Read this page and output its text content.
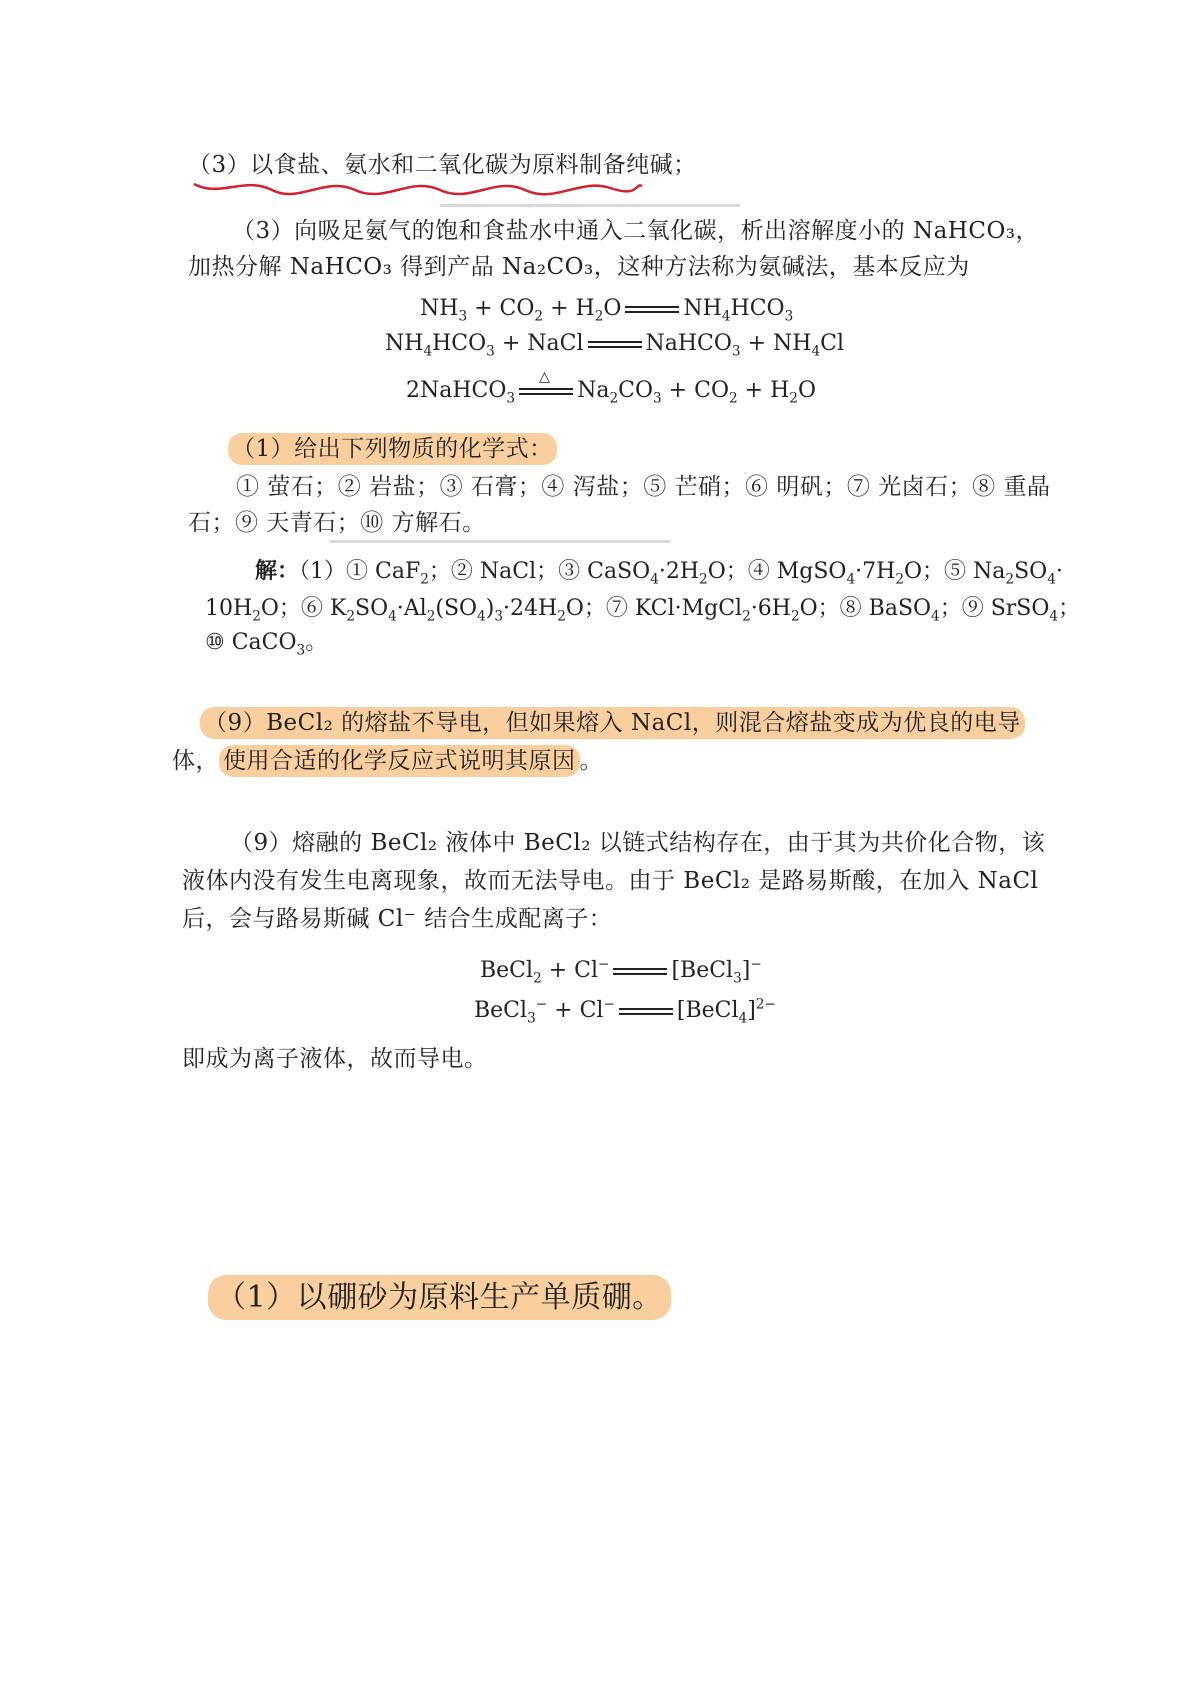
（3）以食盐、氨水和二氧化碳为原料制备纯碱；
（3）向吸足氨气的饱和食盐水中通入二氧化碳，析出溶解度小的 NaHCO₃，
加热分解 NaHCO₃ 得到产品 Na₂CO₃，这种方法称为氨碱法，基本反应为
$NH_3 + CO_2 + H_2O$	$NH_4HCO_3$
$NH_4HCO_3$ + NaCl	NaHCO$_3$ + $NH_4Cl$
2NaHCO$_3$
△
$Na_2CO_3 + CO_2 + H_2O$
（1）给出下列物质的化学式：
① 萤石；② 岩盐；③ 石膏；④ 泻盐；⑤ 芒硝；⑥ 明矾；⑦ 光卤石；⑧ 重晶
石；⑨ 天青石；⑩ 方解石。
解：（1）① CaF$_2$；② NaCl；③ $CaSO_4\cdot 2H_2O$；④ $MgSO_4\cdot 7H_2O$；⑤ $Na_2SO_4\cdot$
$10H_2O$；⑥ $K_2SO_4\cdot Al_2(SO_4)_3\cdot 24H_2O$；⑦ $KCl\cdot MgCl_2\cdot 6H_2O$；⑧ BaSO$_4$；⑨ SrSO$_4$；
⑩ CaCO$_3$。
（9）BeCl₂ 的熔盐不导电，但如果熔入 NaCl，则混合熔盐变成为优良的电导
体， 使用合适的化学反应式说明其原因 。
（9）熔融的 BeCl₂ 液体中 BeCl₂ 以链式结构存在，由于其为共价化合物，该
液体内没有发生电离现象，故而无法导电。由于 BeCl₂ 是路易斯酸，在加入 NaCl
后，会与路易斯碱 Cl⁻ 结合生成配离子：
BeCl$_2$ + Cl−	[BeCl$_3$]−
BeCl$_3$− + Cl−	[BeCl$_4$]$^{2-}$
即成为离子液体，故而导电。
（1）以硼砂为原料生产单质硼。
